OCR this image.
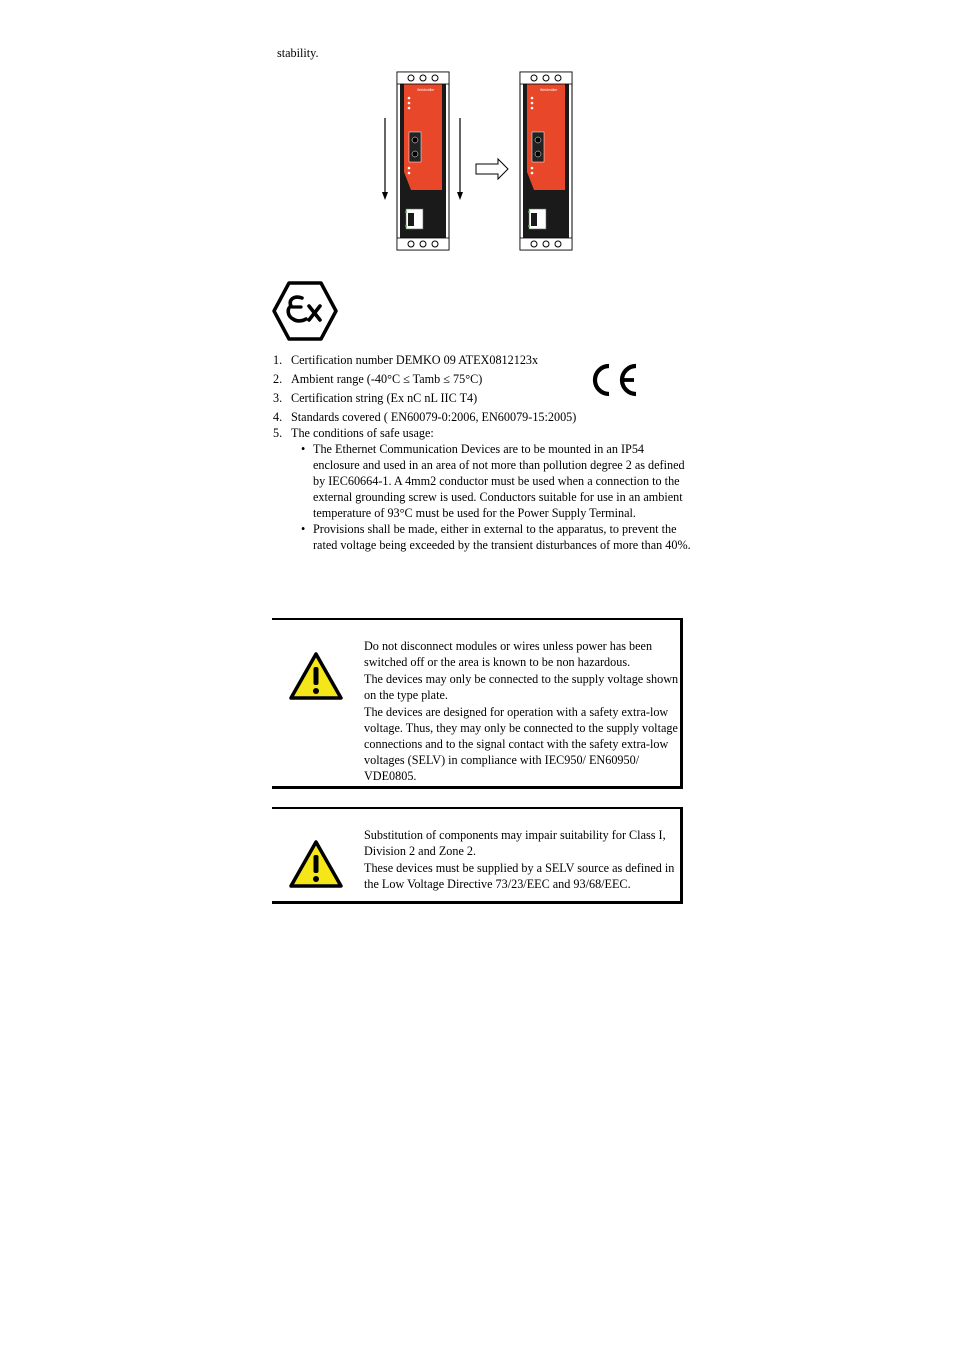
stability.
Weidmüller	Weidmüller
1. Certification number DEMKO 09 ATEX0812123x
2. Ambient range (-40°C ≤ Tamb ≤ 75°C)
3. Certification string (Ex nC nL IIC T4)
4. Standards covered ( EN60079-0:2006, EN60079-15:2005)
5. The conditions of safe usage:
• The Ethernet Communication Devices are to be mounted in an IP54 enclosure and used in an area of not more than pollution degree 2 as defined by IEC60664-1. A 4mm2 conductor must be used when a connection to the external grounding screw is used. Conductors suitable for use in an ambient temperature of 93°C must be used for the Power Supply Terminal.
• Provisions shall be made, either in external to the apparatus, to prevent the rated voltage being exceeded by the transient disturbances of more than 40%.
Do not disconnect modules or wires unless power has been switched off or the area is known to be non hazardous.
The devices may only be connected to the supply voltage shown on the type plate.
The devices are designed for operation with a safety extra-low voltage. Thus, they may only be connected to the supply voltage connections and to the signal contact with the safety extra-low voltages (SELV) in compliance with IEC950/ EN60950/ VDE0805.
Substitution of components may impair suitability for Class I, Division 2 and Zone 2.
These devices must be supplied by a SELV source as defined in the Low Voltage Directive 73/23/EEC and 93/68/EEC.
